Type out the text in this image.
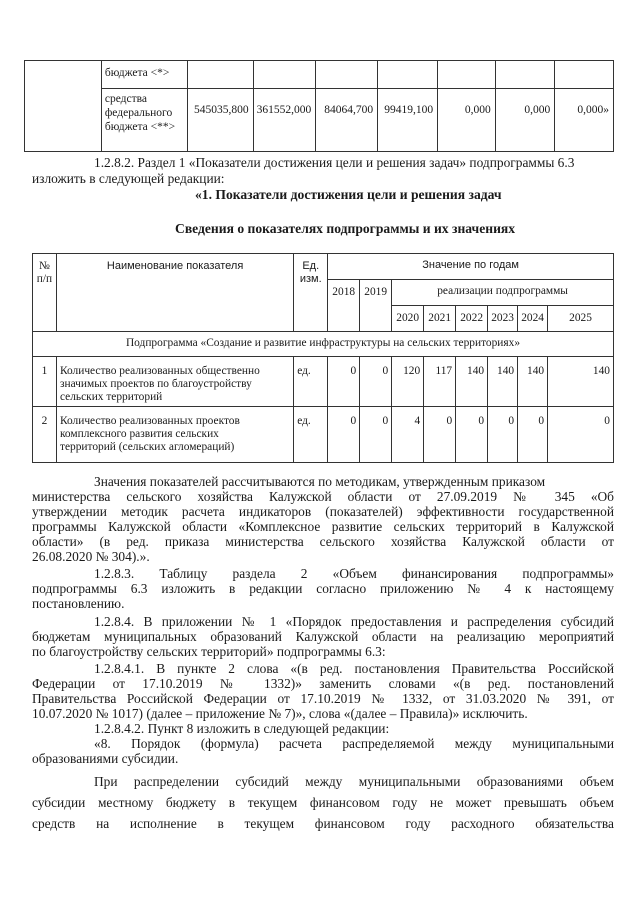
	бюджета <*>							
	средства
федерального
бюджета <**>	545035,800	361552,000	84064,700	99419,100	0,000	0,000	0,000»
1.2.8.2. Раздел 1 «Показатели достижения цели и решения задач» подпрограммы 6.3
изложить в следующей редакции:
«1. Показатели достижения цели и решения задач
Сведения о показателях подпрограммы и их значениях
№
п/п	Наименование показателя	Ед.
изм.	Значение по годам							
			2018	2019	реализации подпрограммы					
					2020	2021	2022	2023	2024	2025
Подпрограмма «Создание и развитие инфраструктуры на сельских территориях»										
1	Количество реализованных общественно
значимых проектов по благоустройству
сельских территорий	ед.	0	0	120	117	140	140	140	140
2	Количество реализованных проектов
комплексного развития сельских
территорий (сельских агломераций)	ед.	0	0	4	0	0	0	0	0
Значения показателей рассчитываются по методикам, утвержденным приказом
министерства сельского хозяйства Калужской области от 27.09.2019 № 345 «Об
утверждении методик расчета индикаторов (показателей) эффективности государственной
программы Калужской области «Комплексное развитие сельских территорий в Калужской
области» (в ред. приказа министерства сельского хозяйства Калужской области от
26.08.2020 № 304).».
1.2.8.3. Таблицу раздела 2 «Объем финансирования подпрограммы»
подпрограммы 6.3 изложить в редакции согласно приложению № 4 к настоящему
постановлению.
1.2.8.4. В приложении № 1 «Порядок предоставления и распределения субсидий
бюджетам муниципальных образований Калужской области на реализацию мероприятий
по благоустройству сельских территорий» подпрограммы 6.3:
1.2.8.4.1. В пункте 2 слова «(в ред. постановления Правительства Российской
Федерации от 17.10.2019 № 1332)» заменить словами «(в ред. постановлений
Правительства Российской Федерации от 17.10.2019 № 1332, от 31.03.2020 № 391, от
10.07.2020 № 1017) (далее – приложение № 7)», слова «(далее – Правила)» исключить.
1.2.8.4.2. Пункт 8 изложить в следующей редакции:
«8. Порядок (формула) расчета распределяемой между муниципальными
образованиями субсидии.
При распределении субсидий между муниципальными образованиями объем
субсидии местному бюджету в текущем финансовом году не может превышать объем
средств на исполнение в текущем финансовом году расходного обязательства
